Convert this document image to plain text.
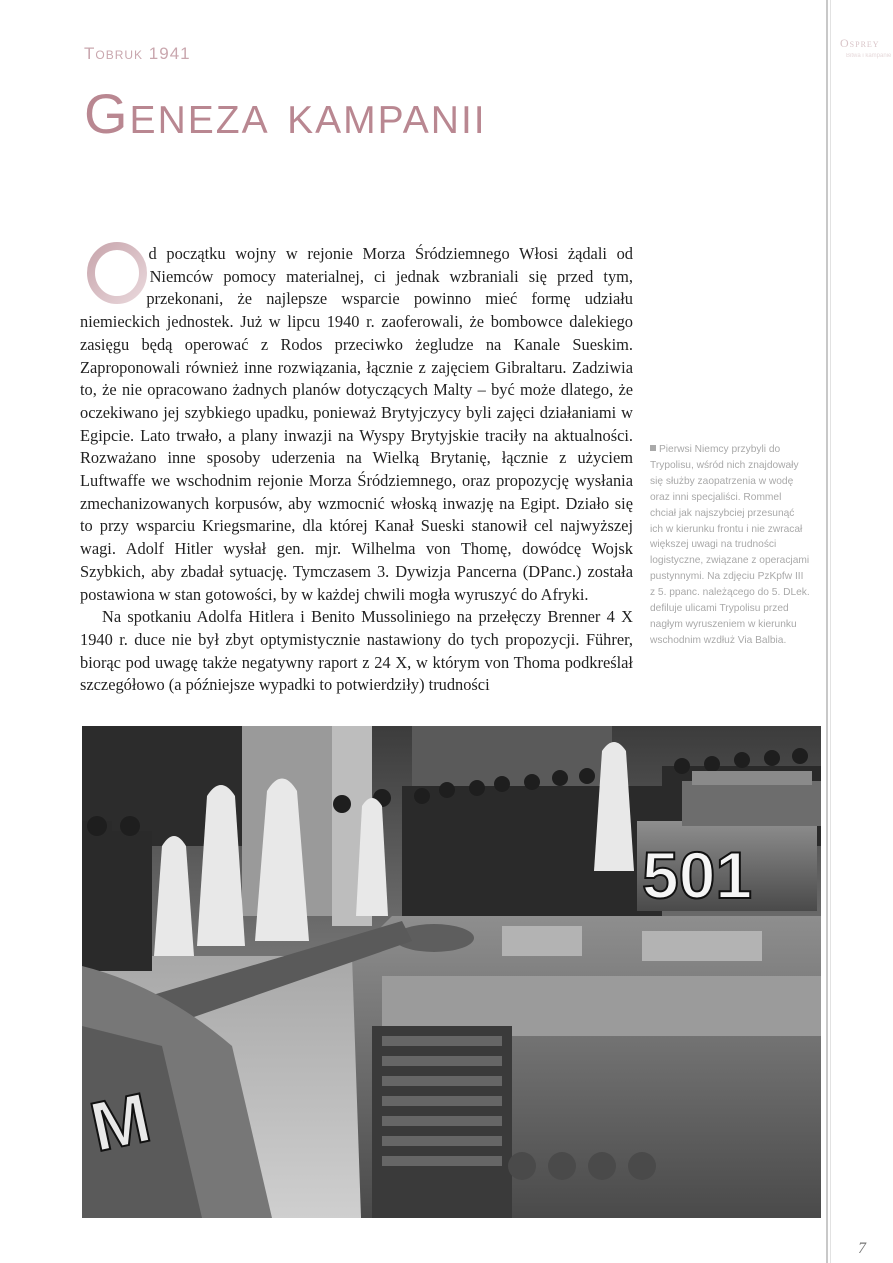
Tobruk 1941
Osprey
Bitwa i kampanie
Geneza kampanii
O

d początku wojny w rejonie Morza Śródziemnego Włosi żądali od Niemców pomocy materialnej, ci jednak wzbraniali się przed tym, przekonani, że najlepsze wsparcie powinno mieć formę udziału niemieckich jednostek. Już w lipcu 1940 r. zaoferowali, że bombowce dalekiego zasięgu będą operować z Rodos przeciwko żegludze na Kanale Sueskim. Zaproponowali również inne rozwiązania, łącznie z zajęciem Gibraltaru. Zadziwia to, że nie opracowano żadnych planów dotyczących Malty – być może dlatego, że oczekiwano jej szybkiego upadku, ponieważ Brytyjczycy byli zajęci działaniami w Egipcie. Lato trwało, a plany inwazji na Wyspy Brytyjskie traciły na aktualności. Rozważano inne sposoby uderzenia na Wielką Brytanię, łącznie z użyciem Luftwaffe we wschodnim rejonie Morza Śródziemnego, oraz propozycję wysłania zmechanizowanych korpusów, aby wzmocnić włoską inwazję na Egipt. Działo się to przy wsparciu Kriegsmarine, dla której Kanał Sueski stanowił cel najwyższej wagi. Adolf Hitler wysłał gen. mjr. Wilhelma von Thomę, dowódcę Wojsk Szybkich, aby zbadał sytuację. Tymczasem 3. Dywizja Pancerna (DPanc.) została postawiona w stan gotowości, by w każdej chwili mogła wyruszyć do Afryki.

Na spotkaniu Adolfa Hitlera i Benito Mussoliniego na przełęczy Brenner 4 X 1940 r. duce nie był zbyt optymistycznie nastawiony do tych propozycji. Führer, biorąc pod uwagę także negatywny raport z 24 X, w którym von Thoma podkreślał szczegółowo (a późniejsze wypadki to potwierdziły) trudności

Pierwsi Niemcy przybyli do Trypolisu, wśród nich znajdowały się służby zaopatrzenia w wodę oraz inni specjaliści. Rommel chciał jak najszybciej przesunąć ich w kierunku frontu i nie zwracał większej uwagi na trudności logistyczne, związane z operacjami pustynnymi. Na zdjęciu PzKpfw III z 5. ppanc. należącego do 5. DLek. defiluje ulicami Trypolisu przed nagłym wyruszeniem w kierunku wschodnim wzdłuż Via Balbia.
501
M
7
